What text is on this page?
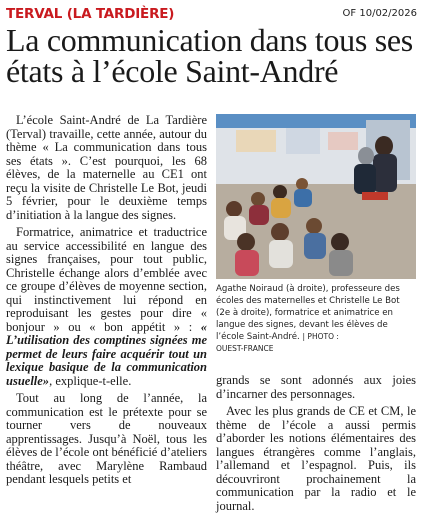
TERVAL (LA TARDIÈRE)	OF 10/02/2026
La communication dans tous ses états à l’école Saint-André

L’école Saint-André de La Tardière (Terval) travaille, cette année, autour du thème « La communication dans tous ses états ». C’est pourquoi, les 68 élèves, de la maternelle au CE1 ont reçu la visite de Christelle Le Bot, jeudi 5 février, pour le deuxième temps d’initiation à la langue des signes.

Formatrice, animatrice et traductrice au service accessibilité en langue des signes françaises, pour tout public, Christelle échange alors d’emblée avec ce groupe d’élèves de moyenne section, qui instinctivement lui répond en reproduisant les gestes pour dire « bonjour » ou « bon appétit » : « L’utilisation des comptines signées me permet de leurs faire acquérir tout un lexique basique de la communication usuelle», explique-t-elle.

Tout au long de l’année, la communication est le prétexte pour se tourner vers de nouveaux apprentissages. Jusqu’à Noël, tous les élèves de l’école ont bénéficié d’ateliers théâtre, avec Marylène Rambaud pendant lesquels petits et

Agathe Noiraud (à droite), professeure des écoles des maternelles et Christelle Le Bot (2e à droite), formatrice et animatrice en langue des signes, devant les élèves de l’école Saint-André. | PHOTO :
OUEST-FRANCE

grands se sont adonnés aux joies d’incarner des personnages.

Avec les plus grands de CE et CM, le thème de l’école a aussi permis d’aborder les notions élémentaires des langues étrangères comme l’anglais, l’allemand et l’espagnol. Puis, ils découvriront prochainement la communication par la radio et le journal.
